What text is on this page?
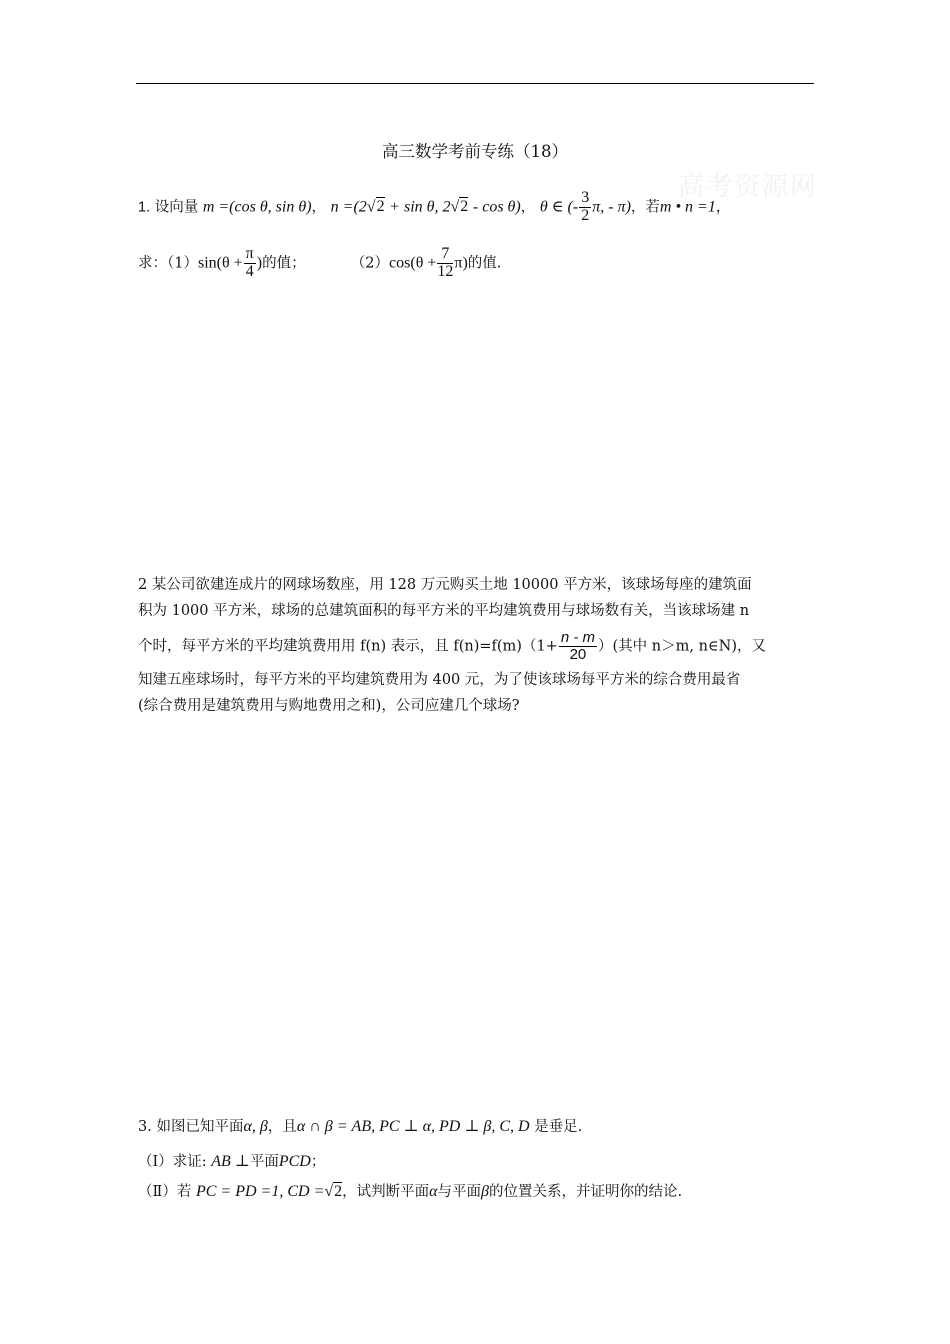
高考资源网
高三数学考前专练（18）
1. 设向量 m =(cos θ, sin θ)， n =(2√2 + sin θ, 2√2 - cos θ)， θ ∈ (- $\frac{3}{2} \pi$, - π)，若m • n =1，
求：$(1)\sin(\theta + \frac{\pi}{4}$ )的值；	$(2)\cos(\theta + \frac{7}{12} \pi)$的值.

2 某公司欲建连成片的网球场数座，用 128 万元购买土地 10000 平方米，该球场每座的建筑面

积为 1000 平方米，球场的总建筑面积的每平方米的平均建筑费用与球场数有关，当该球场建 n

个时，每平方米的平均建筑费用用 f(n) 表示，且 $f(n)=f(m)(1+ \frac{n - m}{20}$ ）(其中 n＞m, n∈N)，又

知建五座球场时，每平方米的平均建筑费用为 400 元，为了使该球场每平方米的综合费用最省

(综合费用是建筑费用与购地费用之和)，公司应建几个球场?

3. 如图已知平面α, β，且α ∩ β = AB, PC ⊥ α, PD ⊥ β, C, D 是垂足.
（Ⅰ）求证: AB ⊥平面PCD；
（Ⅱ）若 PC = PD =1, CD =√2，试判断平面α与平面β的位置关系，并证明你的结论.
